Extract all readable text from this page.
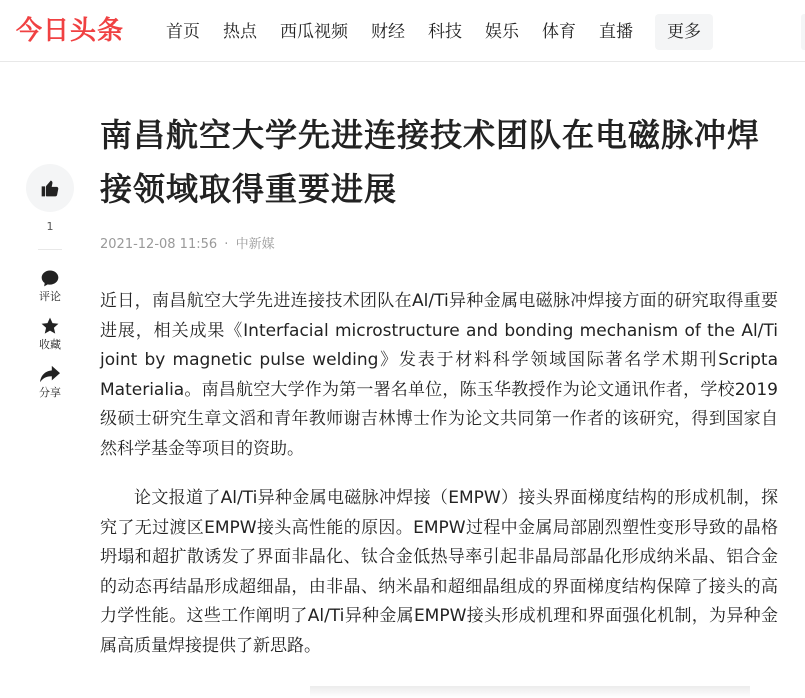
今日头条 首页 热点 西瓜视频 财经 科技 娱乐 体育 直播	更多
1
评论
收藏
分享
南昌航空大学先进连接技术团队在电磁脉冲焊接领域取得重要进展
2021-12-08 11:56 · 中新媒

近日，南昌航空大学先进连接技术团队在Al/Ti异种金属电磁脉冲焊接方面的研究取得重要进展，相关成果《Interfacial microstructure and bonding mechanism of the Al/Ti joint by magnetic pulse welding》发表于材料科学领域国际著名学术期刊Scripta Materialia。南昌航空大学作为第一署名单位，陈玉华教授作为论文通讯作者，学校2019级硕士研究生章文滔和青年教师谢吉林博士作为论文共同第一作者的该研究，得到国家自然科学基金等项目的资助。

论文报道了Al/Ti异种金属电磁脉冲焊接（EMPW）接头界面梯度结构的形成机制，探究了无过渡区EMPW接头高性能的原因。EMPW过程中金属局部剧烈塑性变形导致的晶格坍塌和超扩散诱发了界面非晶化、钛合金低热导率引起非晶局部晶化形成纳米晶、铝合金的动态再结晶形成超细晶，由非晶、纳米晶和超细晶组成的界面梯度结构保障了接头的高力学性能。这些工作阐明了Al/Ti异种金属EMPW接头形成机理和界面强化机制，为异种金属高质量焊接提供了新思路。
